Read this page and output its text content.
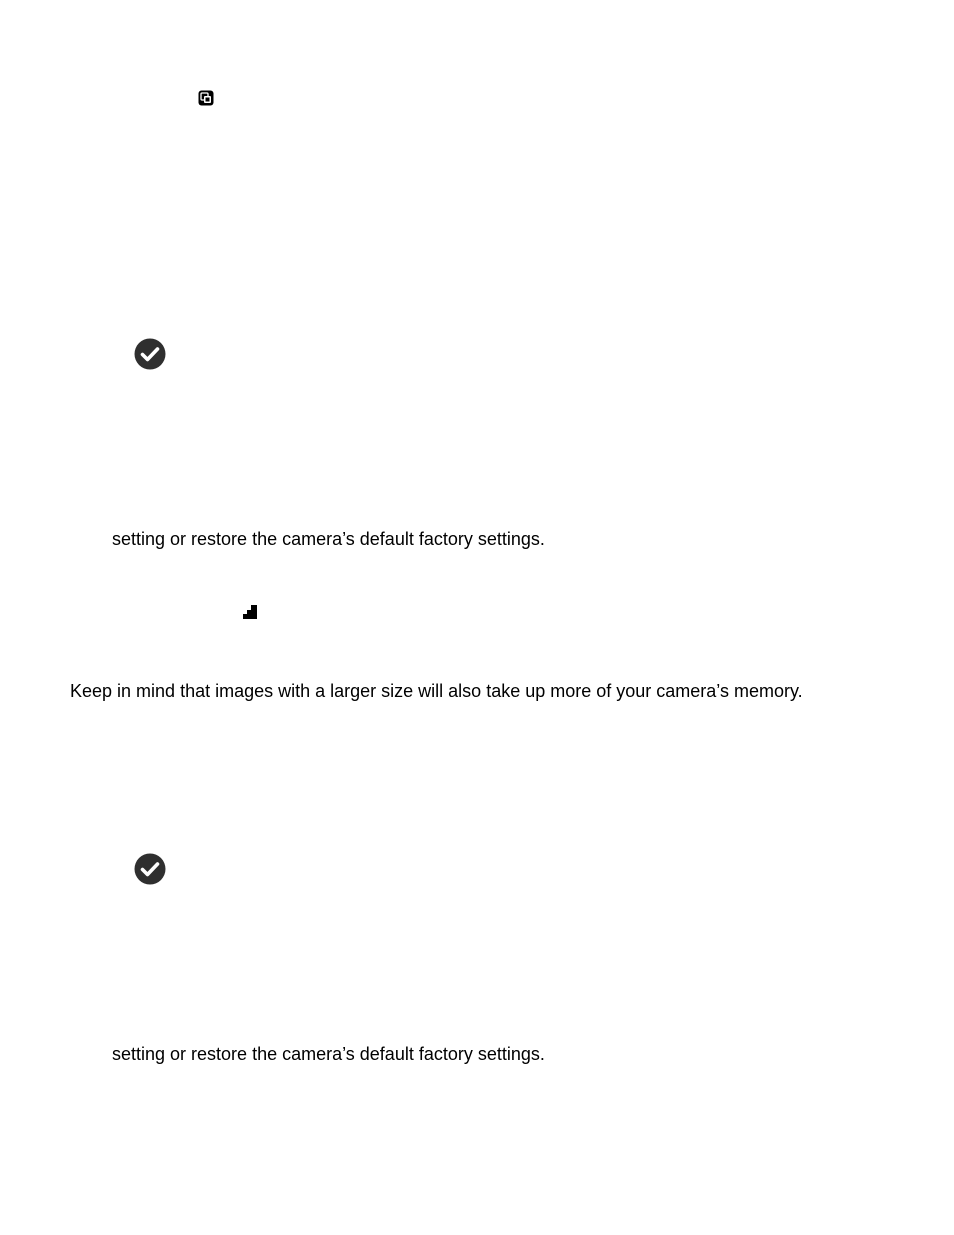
setting or restore the camera’s default factory settings.
Keep in mind that images with a larger size will also take up more of your camera’s memory.
setting or restore the camera’s default factory settings.
